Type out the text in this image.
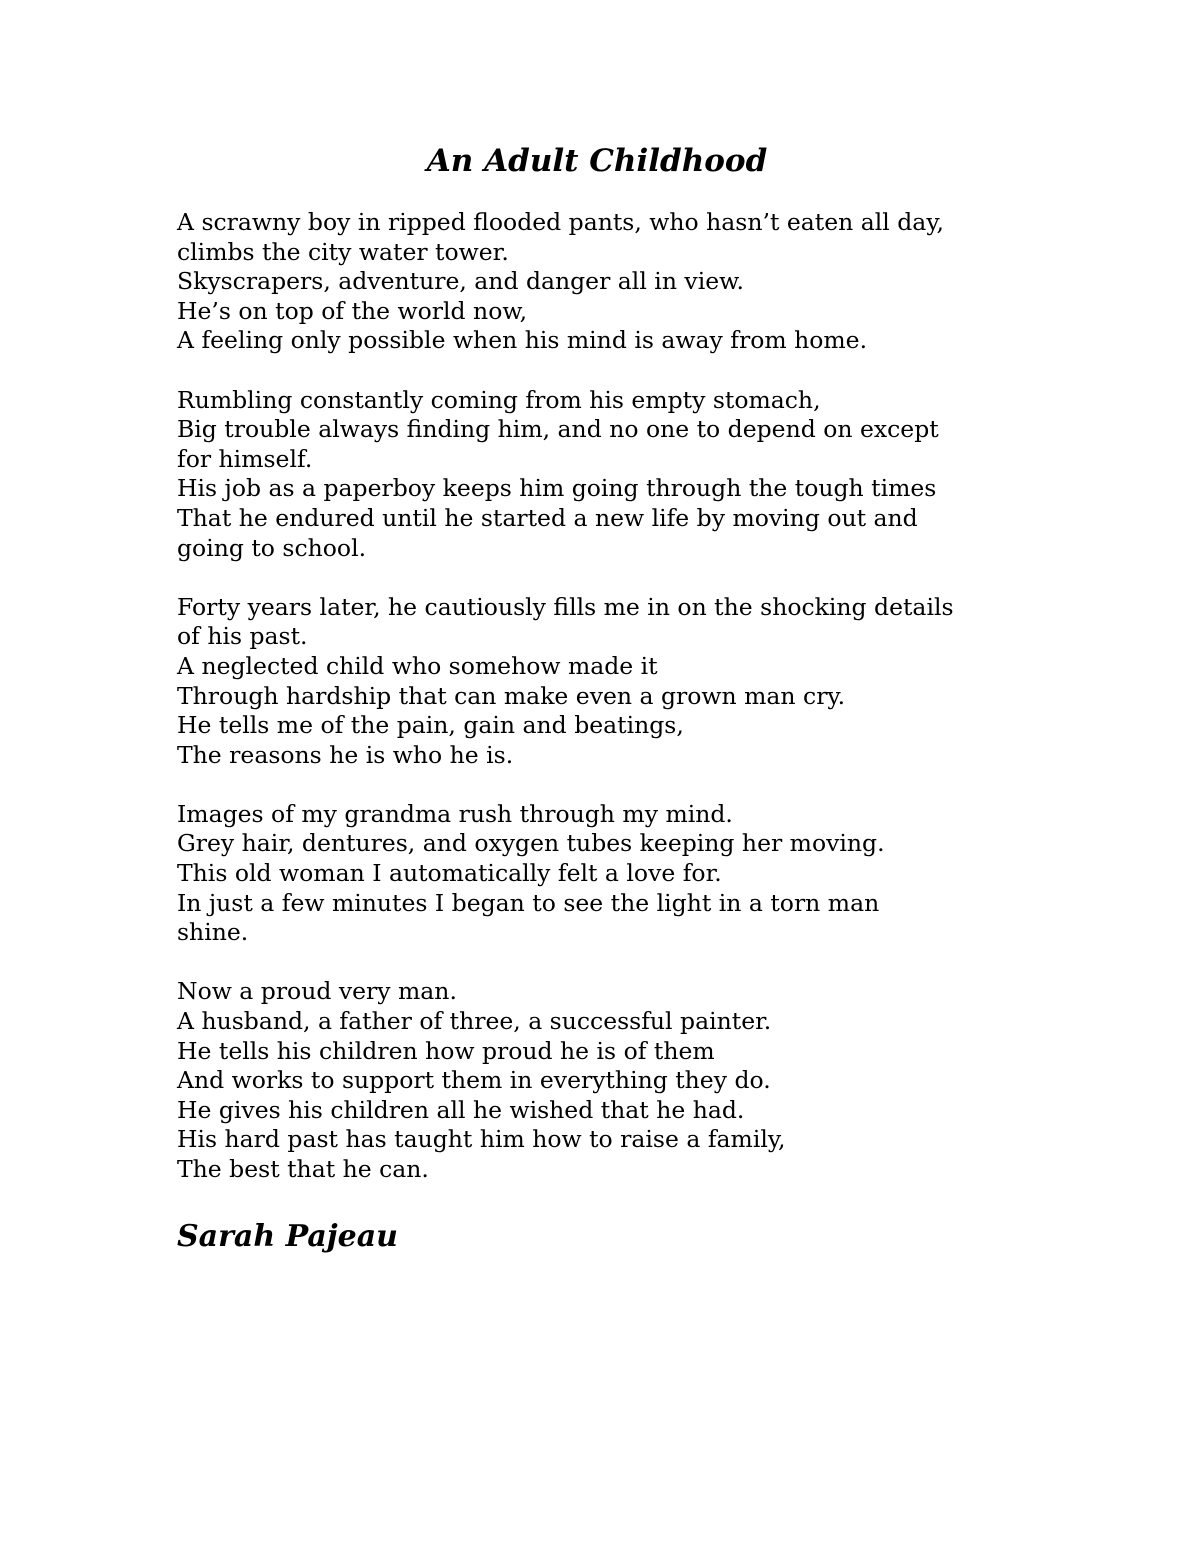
An Adult Childhood
A scrawny boy in ripped flooded pants, who hasn’t eaten all day,
climbs the city water tower.
Skyscrapers, adventure, and danger all in view.
He’s on top of the world now,
A feeling only possible when his mind is away from home.
Rumbling constantly coming from his empty stomach,
Big trouble always finding him, and no one to depend on except
for himself.
His job as a paperboy keeps him going through the tough times
That he endured until he started a new life by moving out and
going to school.
Forty years later, he cautiously fills me in on the shocking details
of his past.
A neglected child who somehow made it
Through hardship that can make even a grown man cry.
He tells me of the pain, gain and beatings,
The reasons he is who he is.
Images of my grandma rush through my mind.
Grey hair, dentures, and oxygen tubes keeping her moving.
This old woman I automatically felt a love for.
In just a few minutes I began to see the light in a torn man
shine.
Now a proud very man.
A husband, a father of three, a successful painter.
He tells his children how proud he is of them
And works to support them in everything they do.
He gives his children all he wished that he had.
His hard past has taught him how to raise a family,
The best that he can.
Sarah Pajeau
